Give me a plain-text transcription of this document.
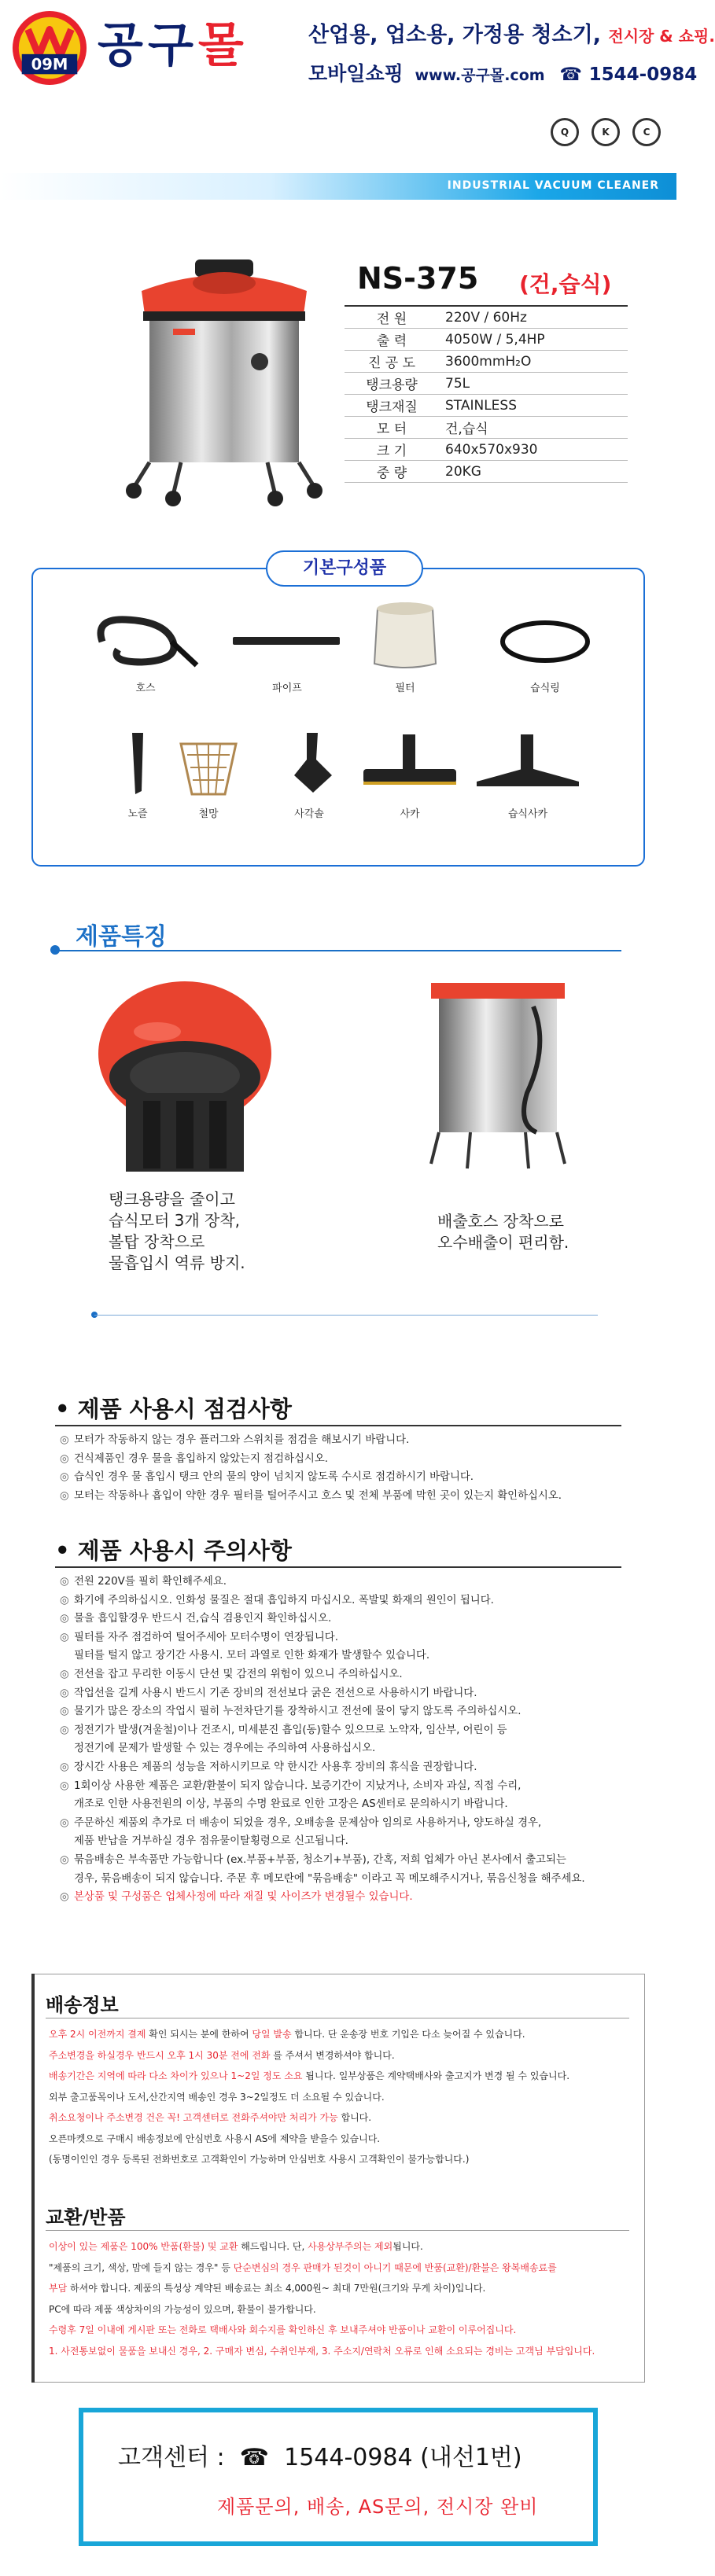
09M 공구몰	산업용, 업소용, 가정용 청소기, 전시장 & 쇼핑.
모바일쇼핑 www.공구몰.com ☎ 1544-0984
Q	K	C
INDUSTRIAL VACUUM CLEANER
NS-375 (건,습식)
전 원	220V / 60Hz
출 력	4050W / 5,4HP
진 공 도	3600mmH₂O
탱크용량	75L
탱크재질	STAINLESS
모 터	건,습식
크 기	640x570x930
중 량	20KG
기본구성품
호스	파이프	필터	습식링
노즐	철망	사각솔	사카	습식사카
제품특징
탱크용량을 줄이고
습식모터 3개 장착,
볼탑 장착으로
물흡입시 역류 방지.
배출호스 장착으로
오수배출이 편리함.
• 제품 사용시 점검사항
◎ 모터가 작동하지 않는 경우 플러그와 스위치를 점검을 해보시기 바랍니다.
◎ 건식제품인 경우 물을 흡입하지 않았는지 점검하십시오.
◎ 습식인 경우 물 흡입시 탱크 안의 물의 양이 넘치지 않도록 수시로 점검하시기 바랍니다.
◎ 모터는 작동하나 흡입이 약한 경우 필터를 털어주시고 호스 및 전체 부품에 막힌 곳이 있는지 확인하십시오.
• 제품 사용시 주의사항
◎ 전원 220V를 필히 확인해주세요.
◎ 화기에 주의하십시오. 인화성 물질은 절대 흡입하지 마십시오. 폭발및 화재의 원인이 됩니다.
◎ 물을 흡입할경우 반드시 건,습식 겸용인지 확인하십시오.
◎ 필터를 자주 점검하여 털어주세아 모터수명이 연장됩니다.
필터를 털지 않고 장기간 사용시. 모터 과열로 인한 화재가 발생할수 있습니다.
◎ 전선을 잡고 무리한 이동시 단선 및 감전의 위험이 있으니 주의하십시오.
◎ 작업선을 길게 사용시 반드시 기존 장비의 전선보다 굵은 전선으로 사용하시기 바랍니다.
◎ 물기가 많은 장소의 작업시 필히 누전차단기를 장착하시고 전선에 물이 닿지 않도록 주의하십시오.
◎ 정전기가 발생(겨울철)이나 건조시, 미세분진 흡입(동)할수 있으므로 노약자, 임산부, 어린이 등
정전기에 문제가 발생할 수 있는 경우에는 주의하여 사용하십시오.
◎ 장시간 사용은 제품의 성능을 저하시키므로 약 한시간 사용후 장비의 휴식을 권장합니다.
◎ 1회이상 사용한 제품은 교환/환불이 되지 않습니다. 보증기간이 지났거나, 소비자 과실, 직접 수리,
개조로 인한 사용전원의 이상, 부품의 수명 완료로 인한 고장은 AS센터로 문의하시기 바랍니다.
◎ 주문하신 제품외 추가로 더 배송이 되었을 경우, 오배송을 문제삼아 임의로 사용하거나, 양도하실 경우,
제품 반납을 거부하실 경우 점유물이탈횡령으로 신고됩니다.
◎ 묶음배송은 부속품만 가능합니다 (ex.부품+부품, 청소기+부품), 간혹, 저희 업체가 아닌 본사에서 출고되는
경우, 묶음배송이 되지 않습니다. 주문 후 메모란에 "묶음배송" 이라고 꼭 메모해주시거나, 묶음신청을 해주세요.
◎ 본상품 및 구성품은 업체사정에 따라 재질 및 사이즈가 변경될수 있습니다.
배송정보
오후 2시 이전까지 결제 확인 되시는 분에 한하여 당일 발송 합니다. 단 운송장 번호 기입은 다소 늦어질 수 있습니다.
주소변경을 하실경우 반드시 오후 1시 30분 전에 전화 를 주셔서 변경하셔야 합니다.
배송기간은 지역에 따라 다소 차이가 있으나 1~2일 정도 소요 됩니다. 일부상품은 계약택배사와 출고지가 변경 될 수 있습니다.
외부 출고품목이나 도서,산간지역 배송인 경우 3~2일정도 더 소요될 수 있습니다.
취소요청이나 주소변경 건은 꼭! 고객센터로 전화주셔야만 처리가 가능 합니다.
오픈마켓으로 구매시 배송정보에 안심번호 사용시 AS에 제약을 받을수 있습니다.
(동명이인인 경우 등록된 전화번호로 고객확인이 가능하며 안심번호 사용시 고객확인이 불가능합니다.)
교환/반품
이상이 있는 제품은 100% 반품(환불) 및 교환 해드립니다. 단, 사용상부주의는 제외됩니다.
"제품의 크기, 색상, 맘에 들지 않는 경우" 등 단순변심의 경우 판매가 된것이 아니기 때문에 반품(교환)/환불은 왕복배송료를
부담 하셔야 합니다. 제품의 특성상 계약된 배송료는 최소 4,000원~ 최대 7만원(크기와 무게 차이)입니다.
PC에 따라 제품 색상차이의 가능성이 있으며, 환불이 불가합니다.
수령후 7일 이내에 게시판 또는 전화로 택배사와 회수지를 확인하신 후 보내주셔야 반품이나 교환이 이루어집니다.
1. 사전통보없이 물품을 보내신 경우, 2. 구매자 변심, 수취인부재, 3. 주소지/연락처 오류로 인해 소요되는 경비는 고객님 부담입니다.
고객센터 :  ☎  1544-0984 (내선1번)
제품문의, 배송, AS문의, 전시장 완비
